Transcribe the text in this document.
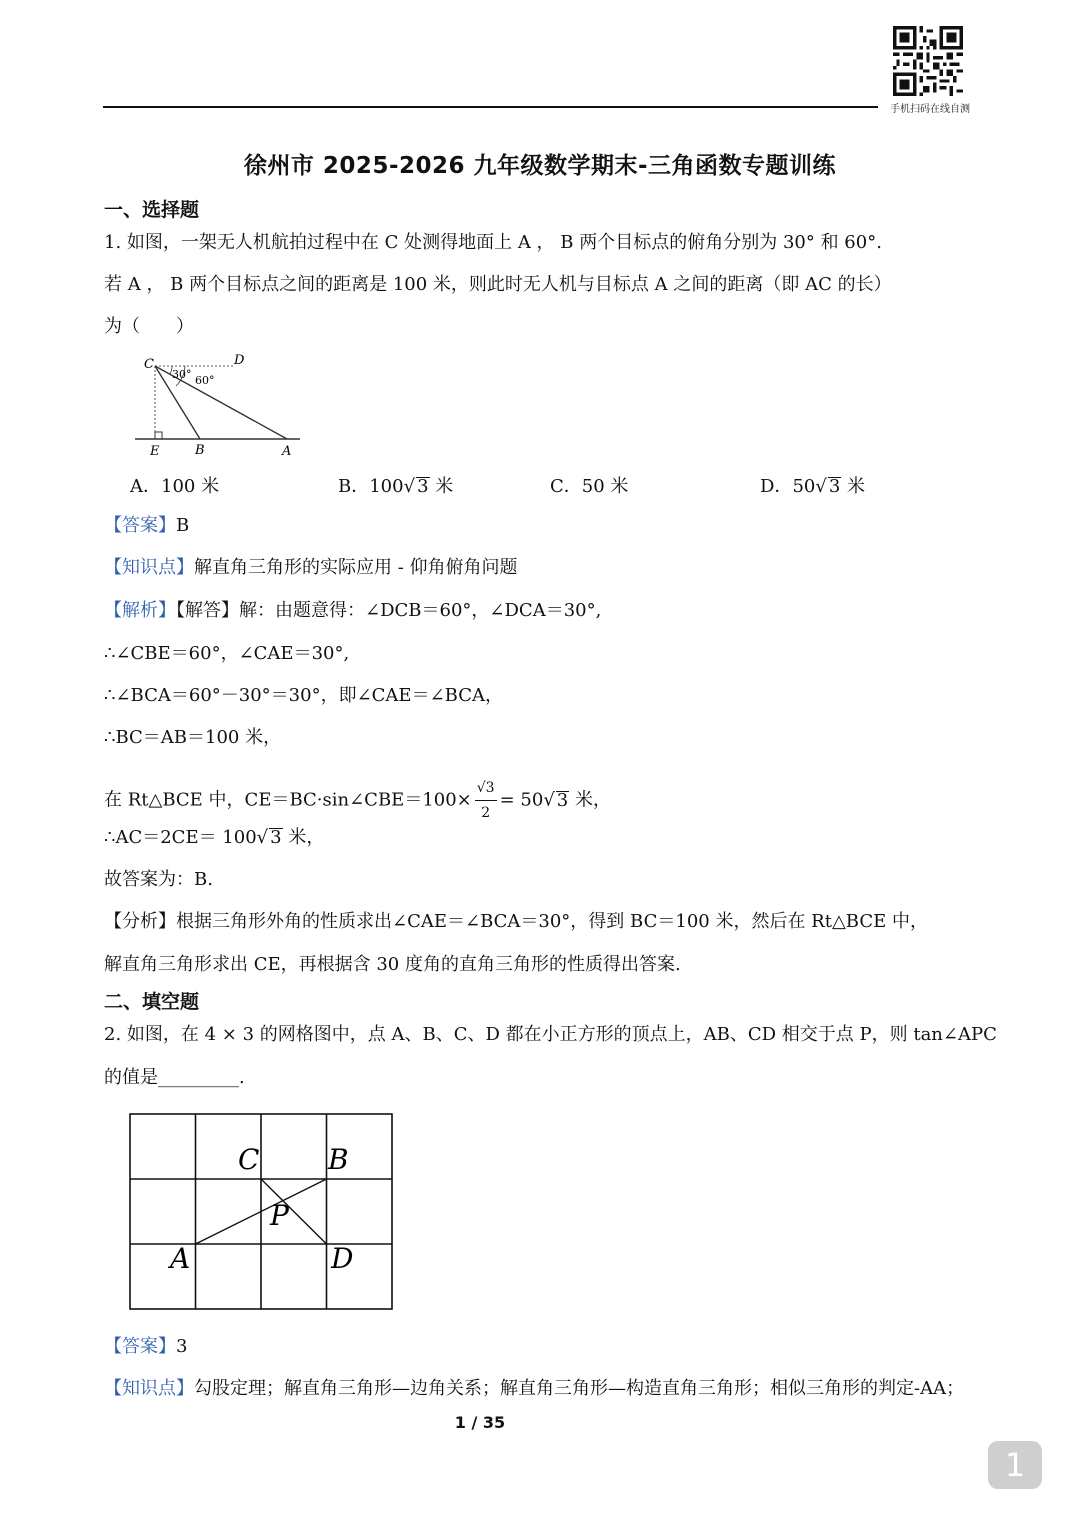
手机扫码在线自测
徐州市 2025-2026 九年级数学期末-三角函数专题训练
一、选择题
1. 如图，一架无人机航拍过程中在 C 处测得地面上 A ， B 两个目标点的俯角分别为 30° 和 60°.
若 A ， B 两个目标点之间的距离是 100 米，则此时无人机与目标点 A 之间的距离（即 AC 的长）
为（　　）
C	D
E	B	A
30° 60°
A．100 米	B．100√ 3 米	C．50 米	D．50√ 3 米
【答案】B
【知识点】解直角三角形的实际应用 - 仰角俯角问题
【解析】【解答】解：由题意得：∠DCB＝60°，∠DCA＝30°,
∴∠CBE＝60°，∠CAE＝30°,
∴∠BCA＝60°－30°＝30°，即∠CAE＝∠BCA，
∴BC＝AB＝100 米，
在 Rt△BCE 中，CE＝BC·sin∠CBE＝100× $\frac{√3}{2} = 50√$ 3 米，
∴AC＝2CE＝ 100√ 3 米，
故答案为：B.
【分析】根据三角形外角的性质求出∠CAE＝∠BCA＝30°，得到 BC＝100 米，然后在 Rt△BCE 中，
解直角三角形求出 CE，再根据含 30 度角的直角三角形的性质得出答案.
二、填空题
2. 如图，在 4 × 3 的网格图中，点 A、B、C、D 都在小正方形的顶点上，AB、CD 相交于点 P，则 tan∠APC
的值是_________.
C B
P
A	D
【答案】3
【知识点】勾股定理；解直角三角形—边角关系；解直角三角形—构造直角三角形；相似三角形的判定-AA；
1 / 35
1
